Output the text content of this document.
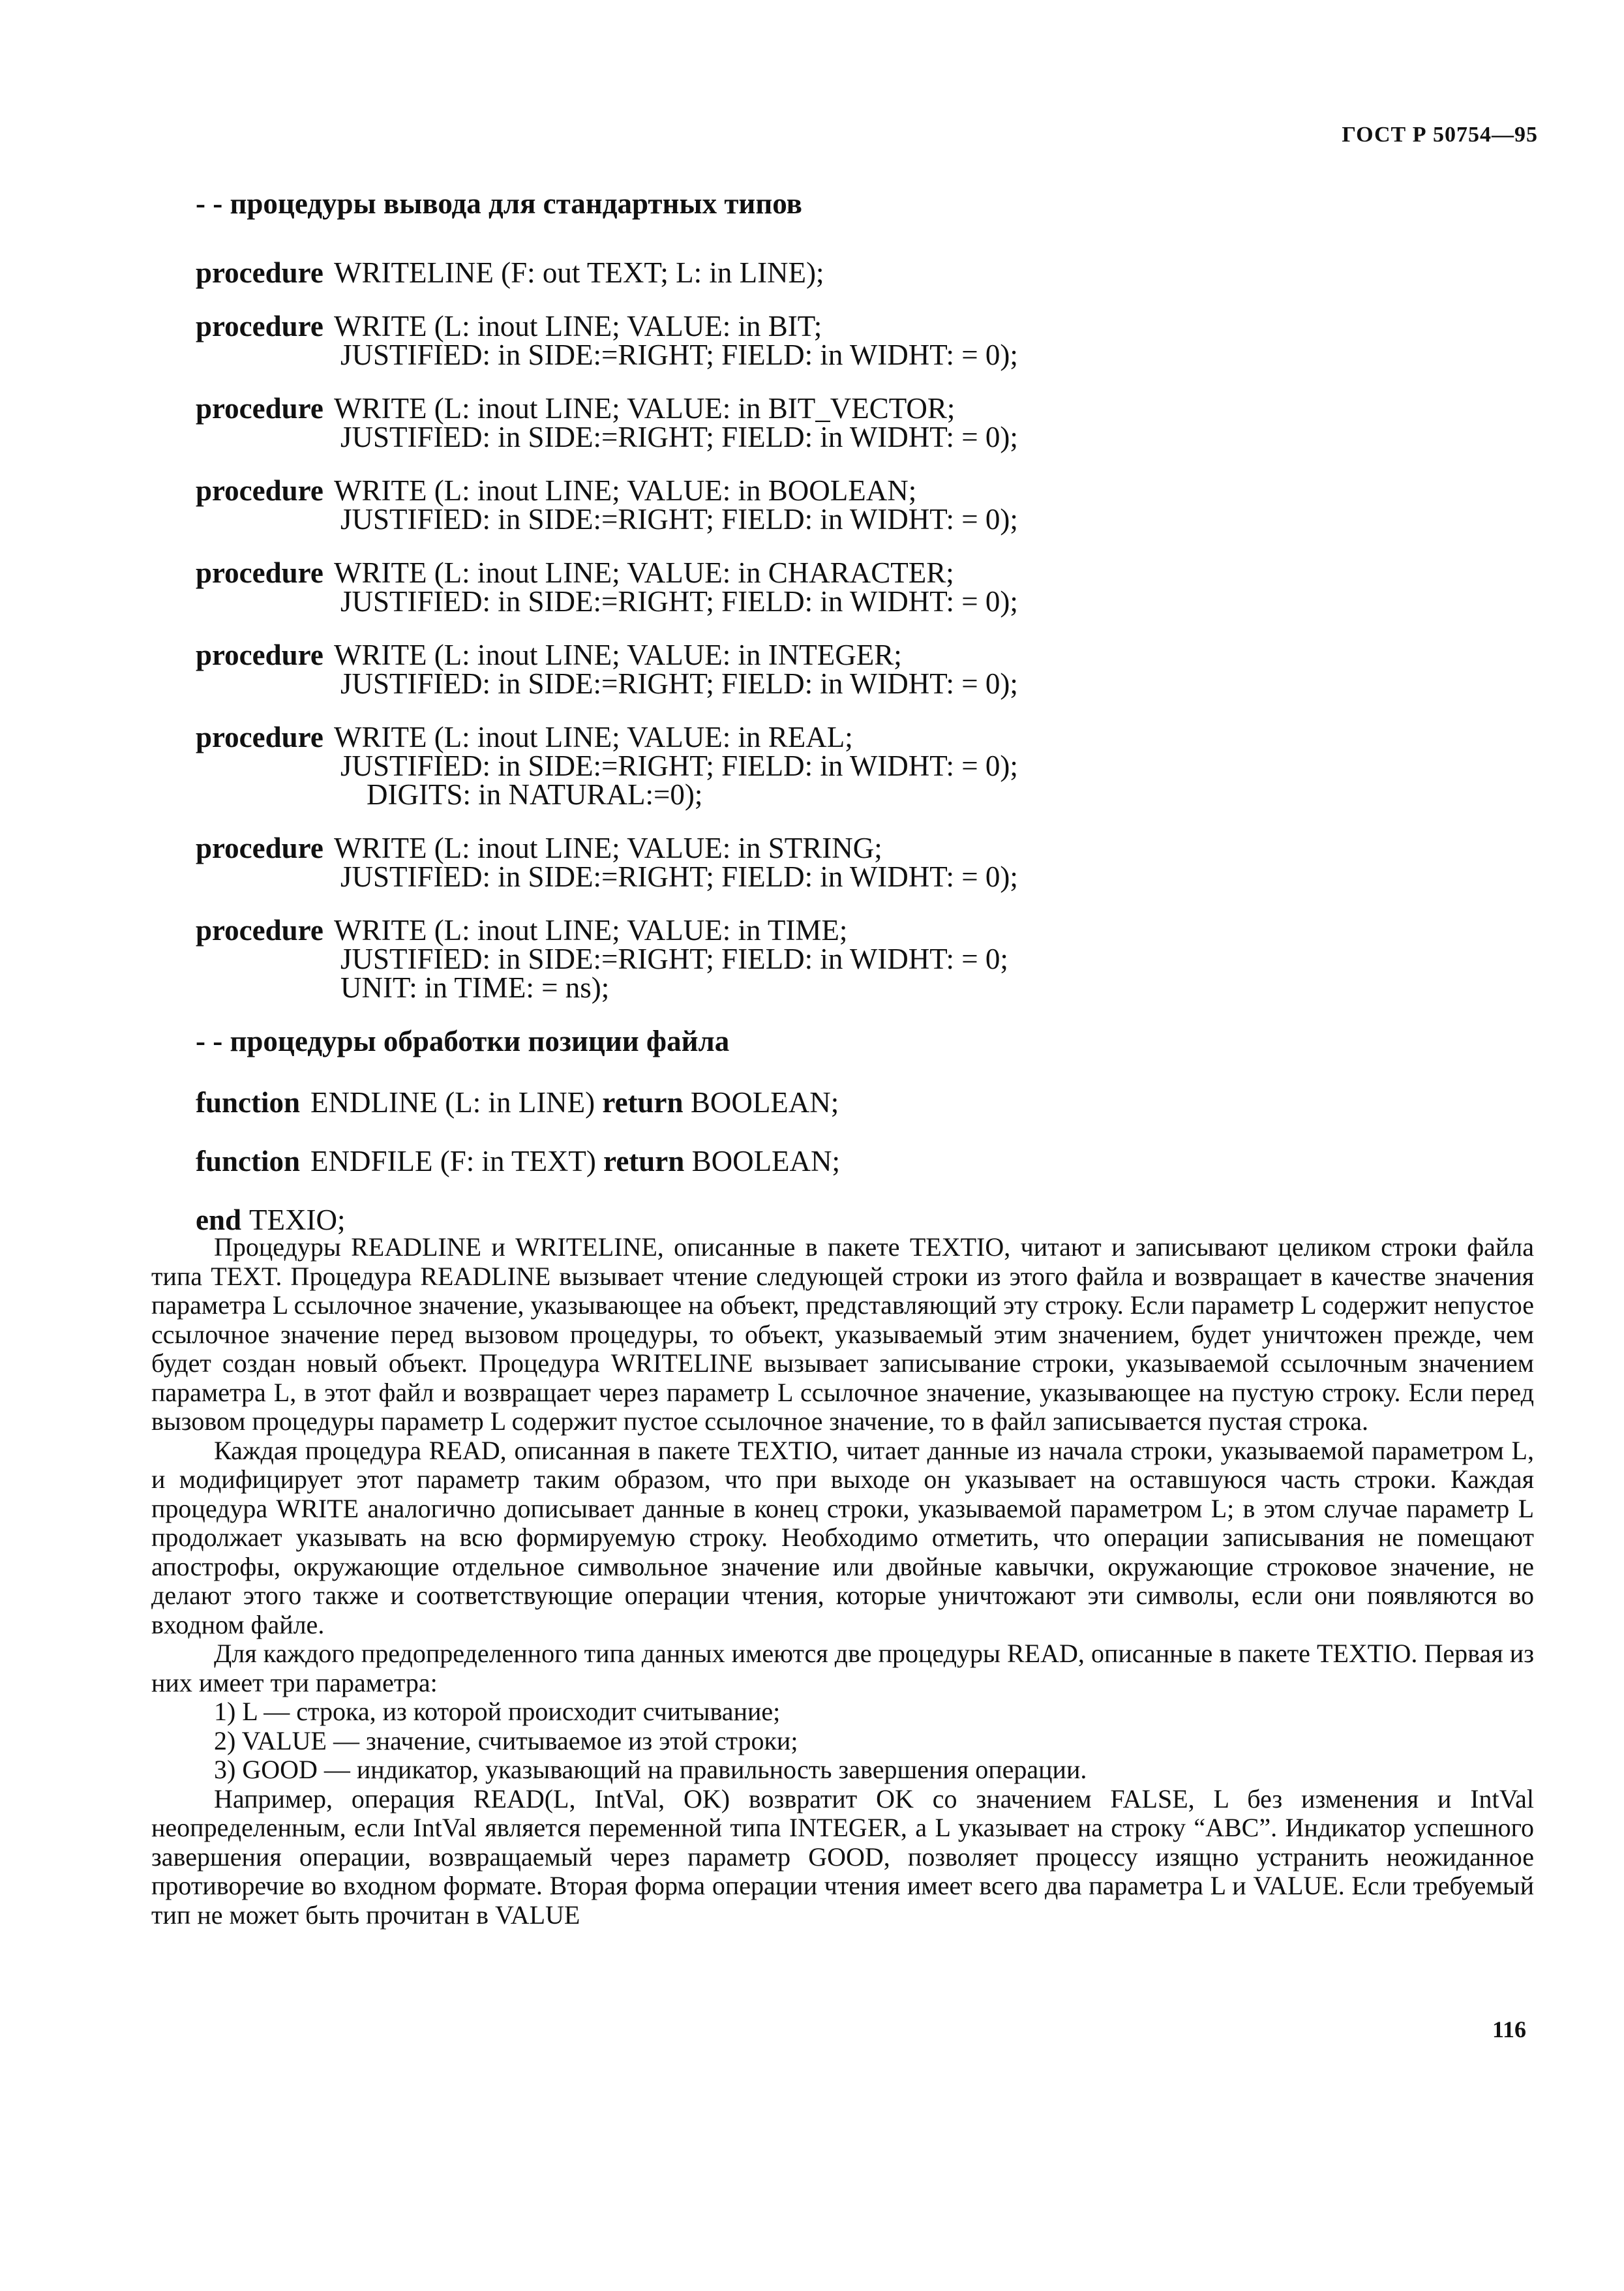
ГОСТ Р 50754—95
- - процедуры вывода для стандартных типов
procedure WRITELINE (F: out TEXT; L: in LINE);
procedure WRITE (L: inout LINE; VALUE: in BIT;
JUSTIFIED: in SIDE:=RIGHT; FIELD: in WIDHT: = 0);
procedure WRITE (L: inout LINE; VALUE: in BIT_VECTOR;
JUSTIFIED: in SIDE:=RIGHT; FIELD: in WIDHT: = 0);
procedure WRITE (L: inout LINE; VALUE: in BOOLEAN;
JUSTIFIED: in SIDE:=RIGHT; FIELD: in WIDHT: = 0);
procedure WRITE (L: inout LINE; VALUE: in CHARACTER;
JUSTIFIED: in SIDE:=RIGHT; FIELD: in WIDHT: = 0);
procedure WRITE (L: inout LINE; VALUE: in INTEGER;
JUSTIFIED: in SIDE:=RIGHT; FIELD: in WIDHT: = 0);
procedure WRITE (L: inout LINE; VALUE: in REAL;
JUSTIFIED: in SIDE:=RIGHT; FIELD: in WIDHT: = 0);
DIGITS: in NATURAL:=0);
procedure WRITE (L: inout LINE; VALUE: in STRING;
JUSTIFIED: in SIDE:=RIGHT; FIELD: in WIDHT: = 0);
procedure WRITE (L: inout LINE; VALUE: in TIME;
JUSTIFIED: in SIDE:=RIGHT; FIELD: in WIDHT: = 0;
UNIT: in TIME: = ns);
- - процедуры обработки позиции файла
function ENDLINE (L: in LINE) return BOOLEAN;
function ENDFILE (F: in TEXT) return BOOLEAN;
end TEXIO;

Процедуры READLINE и WRITELINE, описанные в пакете TEXTIO, читают и записывают целиком строки файла типа TEXT. Процедура READLINE вызывает чтение следующей строки из этого файла и возвращает в качестве значения параметра L ссылочное значение, указывающее на объект, представляющий эту строку. Если параметр L содержит непустое ссылочное значение перед вызовом процедуры, то объект, указываемый этим значением, будет уничтожен прежде, чем будет создан новый объект. Процедура WRITELINE вызывает записывание строки, указываемой ссылочным значением параметра L, в этот файл и возвращает через параметр L ссылочное значение, указывающее на пустую строку. Если перед вызовом процедуры параметр L содержит пустое ссылочное значение, то в файл записывается пустая строка.

Каждая процедура READ, описанная в пакете TEXTIO, читает данные из начала строки, указываемой параметром L, и модифицирует этот параметр таким образом, что при выходе он указывает на оставшуюся часть строки. Каждая процедура WRITE аналогично дописывает данные в конец строки, указываемой параметром L; в этом случае параметр L продолжает указывать на всю формируемую строку. Необходимо отметить, что операции записывания не помещают апострофы, окружающие отдельное символьное значение или двойные кавычки, окружающие строковое значение, не делают этого также и соответствующие операции чтения, которые уничтожают эти символы, если они появляются во входном файле.

Для каждого предопределенного типа данных имеются две процедуры READ, описанные в пакете TEXTIO. Первая из них имеет три параметра:

1) L — строка, из которой происходит считывание;

2) VALUE — значение, считываемое из этой строки;

3) GOOD — индикатор, указывающий на правильность завершения операции.

Например, операция READ(L, IntVal, OK) возвратит OK со значением FALSE, L без изменения и IntVal неопределенным, если IntVal является переменной типа INTEGER, а L указывает на строку “ABC”. Индикатор успешного завершения операции, возвращаемый через параметр GOOD, позволяет процессу изящно устранить неожиданное противоречие во входном формате. Вторая форма операции чтения имеет всего два параметра L и VALUE. Если требуемый тип не может быть прочитан в VALUE

116
